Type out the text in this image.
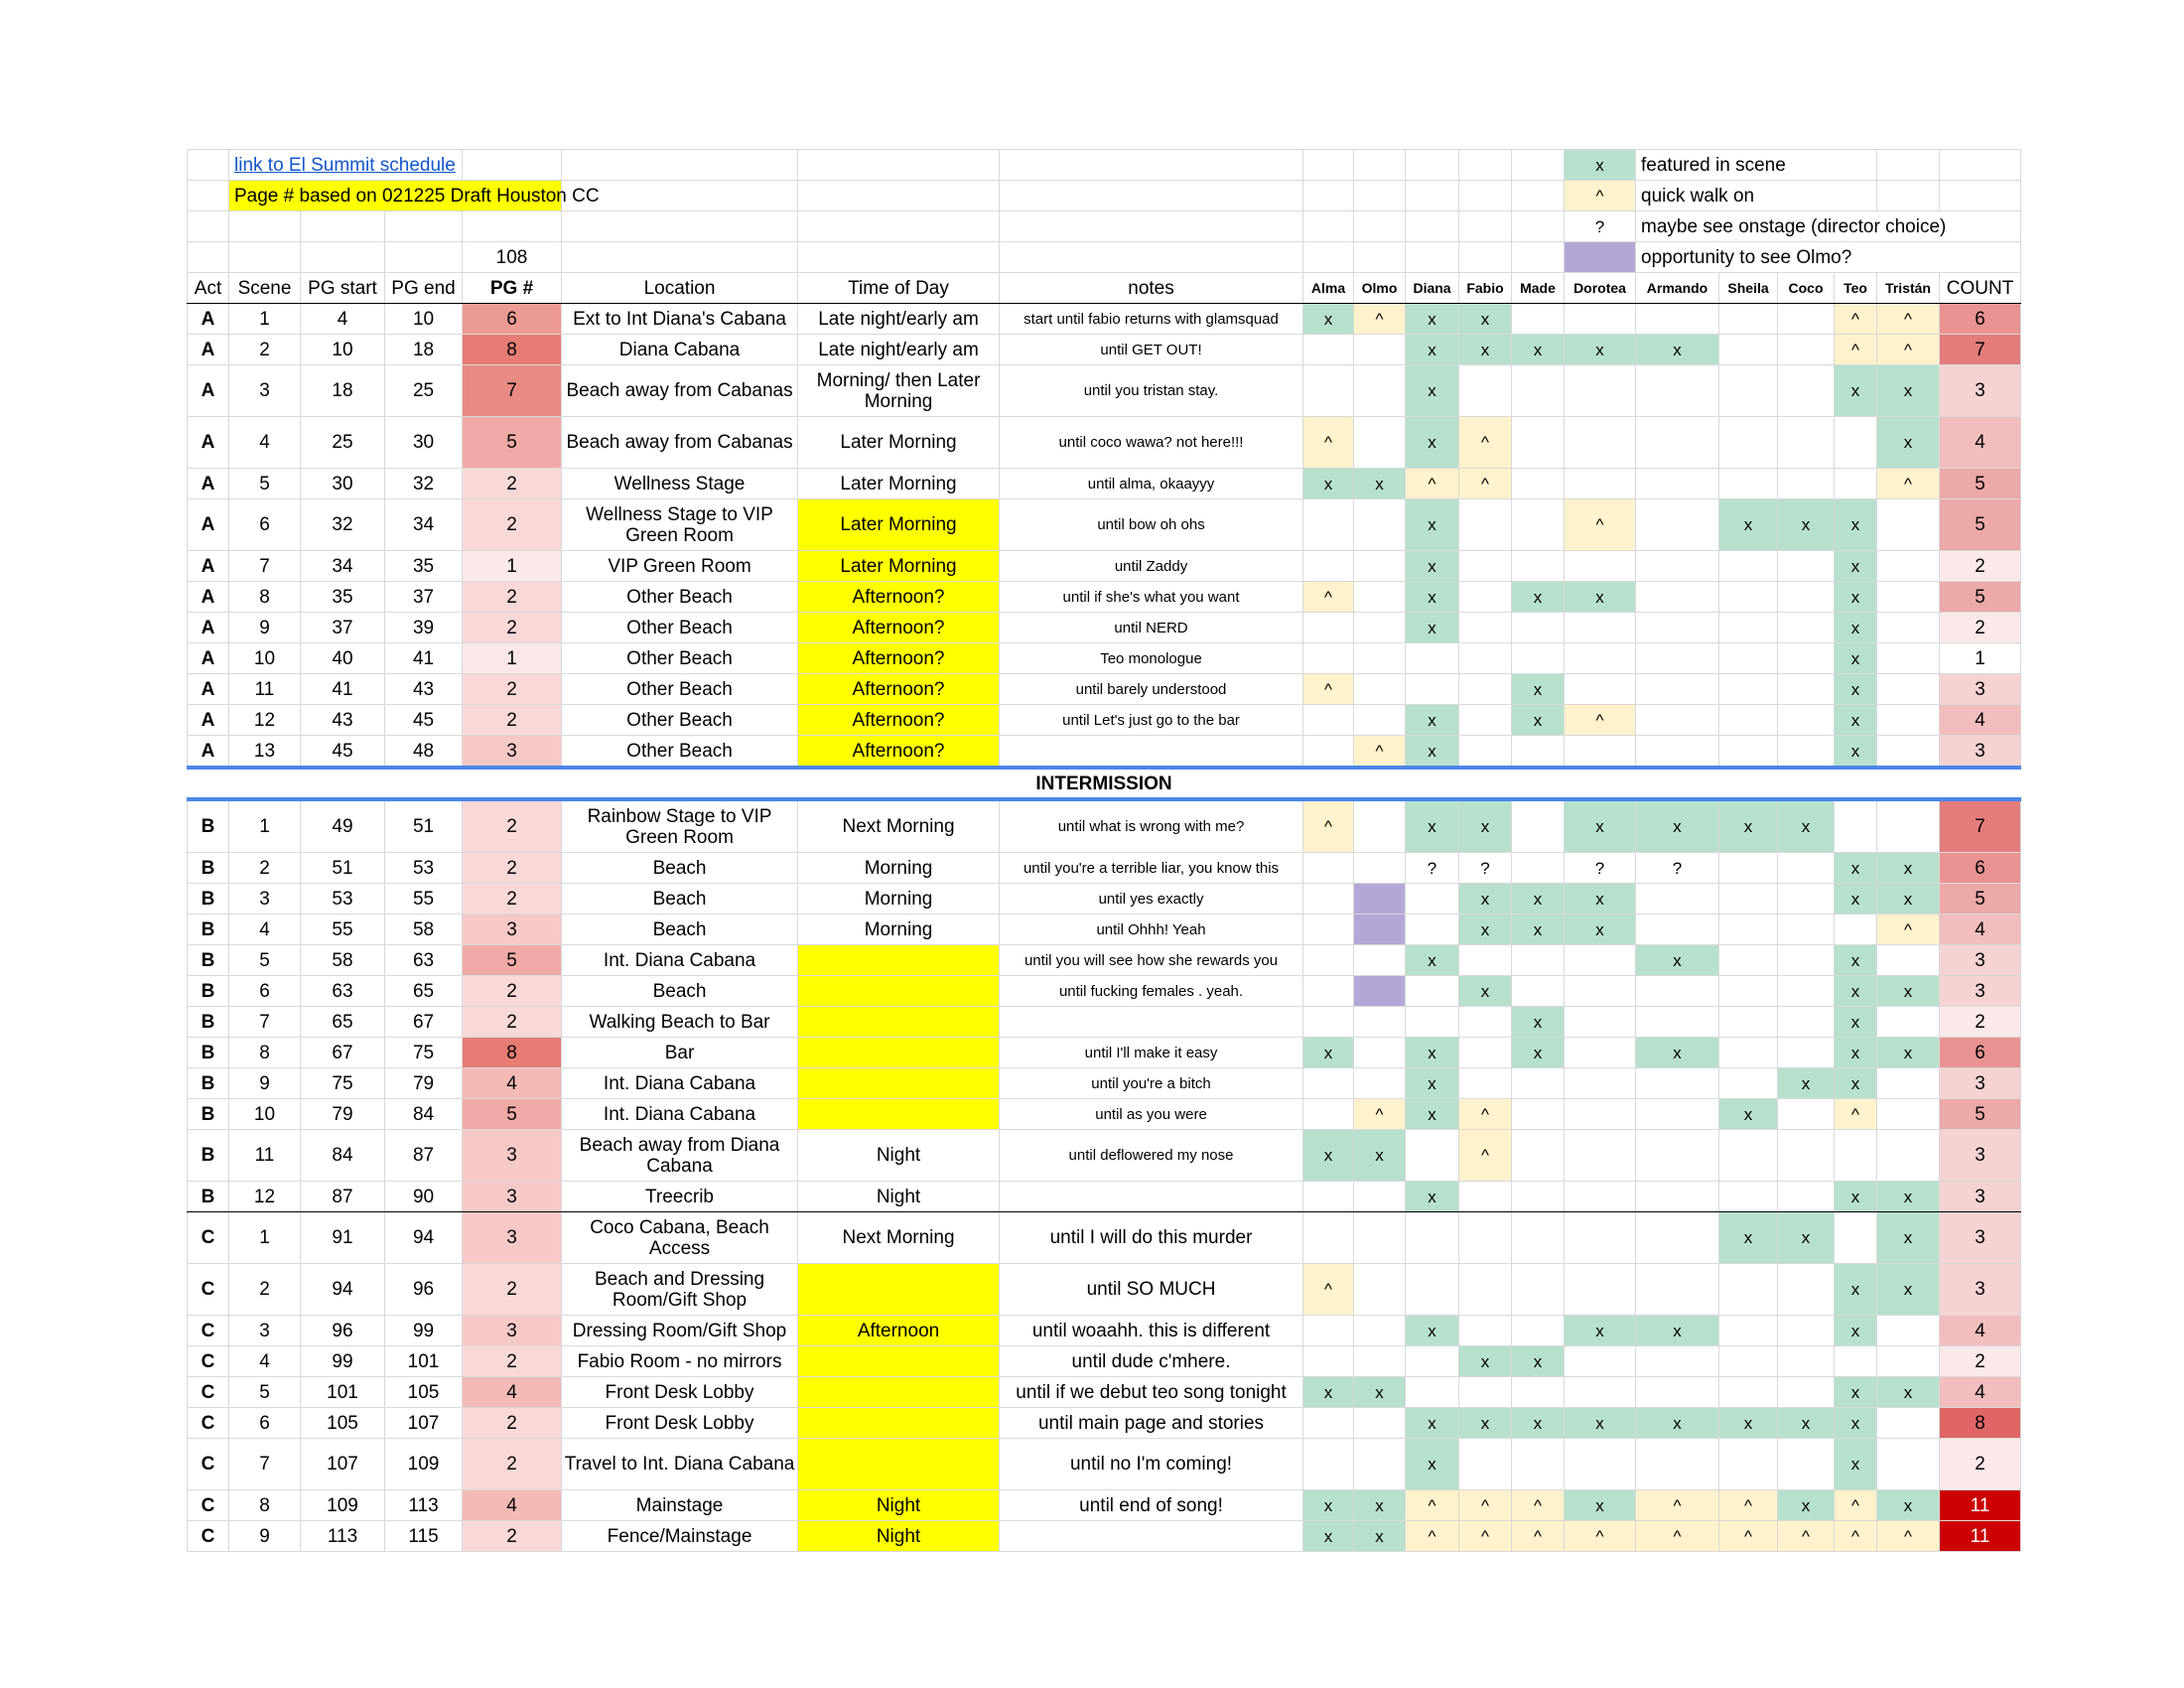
	link to El Summit schedule												x	featured in scene					
	Page # based on 021225 Draft Houston CC												^	quick walk on					
													?	maybe see onstage (director choice)					
				108										opportunity to see Olmo?					
Act	Scene	PG start	PG end	PG #	Location	Time of Day	notes	Alma	Olmo	Diana	Fabio	Made	Dorotea	Armando	Sheila	Coco	Teo	Tristán	COUNT
A	1	4	10	6	Ext to Int Diana's Cabana	Late night/early am	start until fabio returns with glamsquad	x	^	x	x						^	^	6
A	2	10	18	8	Diana Cabana	Late night/early am	until GET OUT!			x	x	x	x	x			^	^	7
A	3	18	25	7	Beach away from Cabanas	Morning/ then Later Morning	until you tristan stay.			x							x	x	3
A	4	25	30	5	Beach away from Cabanas	Later Morning	until coco wawa? not here!!!	^		x	^							x	4
A	5	30	32	2	Wellness Stage	Later Morning	until alma, okaayyy	x	x	^	^							^	5
A	6	32	34	2	Wellness Stage to VIP Green Room	Later Morning	until bow oh ohs			x			^		x	x	x		5
A	7	34	35	1	VIP Green Room	Later Morning	until Zaddy			x							x		2
A	8	35	37	2	Other Beach	Afternoon?	until if she's what you want	^		x		x	x				x		5
A	9	37	39	2	Other Beach	Afternoon?	until NERD			x							x		2
A	10	40	41	1	Other Beach	Afternoon?	Teo monologue										x		1
A	11	41	43	2	Other Beach	Afternoon?	until barely understood	^				x					x		3
A	12	43	45	2	Other Beach	Afternoon?	until Let's just go to the bar			x		x	^				x		4
A	13	45	48	3	Other Beach	Afternoon?			^	x							x		3
INTERMISSION																			
B	1	49	51	2	Rainbow Stage to VIP Green Room	Next Morning	until what is wrong with me?	^		x	x		x	x	x	x			7
B	2	51	53	2	Beach	Morning	until you're a terrible liar, you know this			?	?		?	?			x	x	6
B	3	53	55	2	Beach	Morning	until yes exactly				x	x	x				x	x	5
B	4	55	58	3	Beach	Morning	until Ohhh! Yeah				x	x	x					^	4
B	5	58	63	5	Int. Diana Cabana		until you will see how she rewards you			x				x			x		3
B	6	63	65	2	Beach		until fucking females . yeah.				x						x	x	3
B	7	65	67	2	Walking Beach to Bar							x					x		2
B	8	67	75	8	Bar		until I'll make it easy	x		x		x		x			x	x	6
B	9	75	79	4	Int. Diana Cabana		until you're a bitch			x						x	x		3
B	10	79	84	5	Int. Diana Cabana		until as you were		^	x	^				x		^		5
B	11	84	87	3	Beach away from Diana Cabana	Night	until deflowered my nose	x	x		^								3
B	12	87	90	3	Treecrib	Night				x							x	x	3
C	1	91	94	3	Coco Cabana, Beach Access	Next Morning	until I will do this murder								x	x		x	3
C	2	94	96	2	Beach and Dressing Room/Gift Shop		until SO MUCH	^									x	x	3
C	3	96	99	3	Dressing Room/Gift Shop	Afternoon	until woaahh. this is different			x			x	x			x		4
C	4	99	101	2	Fabio Room - no mirrors		until dude c'mhere.				x	x							2
C	5	101	105	4	Front Desk Lobby		until if we debut teo song tonight	x	x								x	x	4
C	6	105	107	2	Front Desk Lobby		until main page and stories			x	x	x	x	x	x	x	x		8
C	7	107	109	2	Travel to Int. Diana Cabana		until no I'm coming!			x							x		2
C	8	109	113	4	Mainstage	Night	until end of song!	x	x	^	^	^	x	^	^	x	^	x	11
C	9	113	115	2	Fence/Mainstage	Night		x	x	^	^	^	^	^	^	^	^	^	11
